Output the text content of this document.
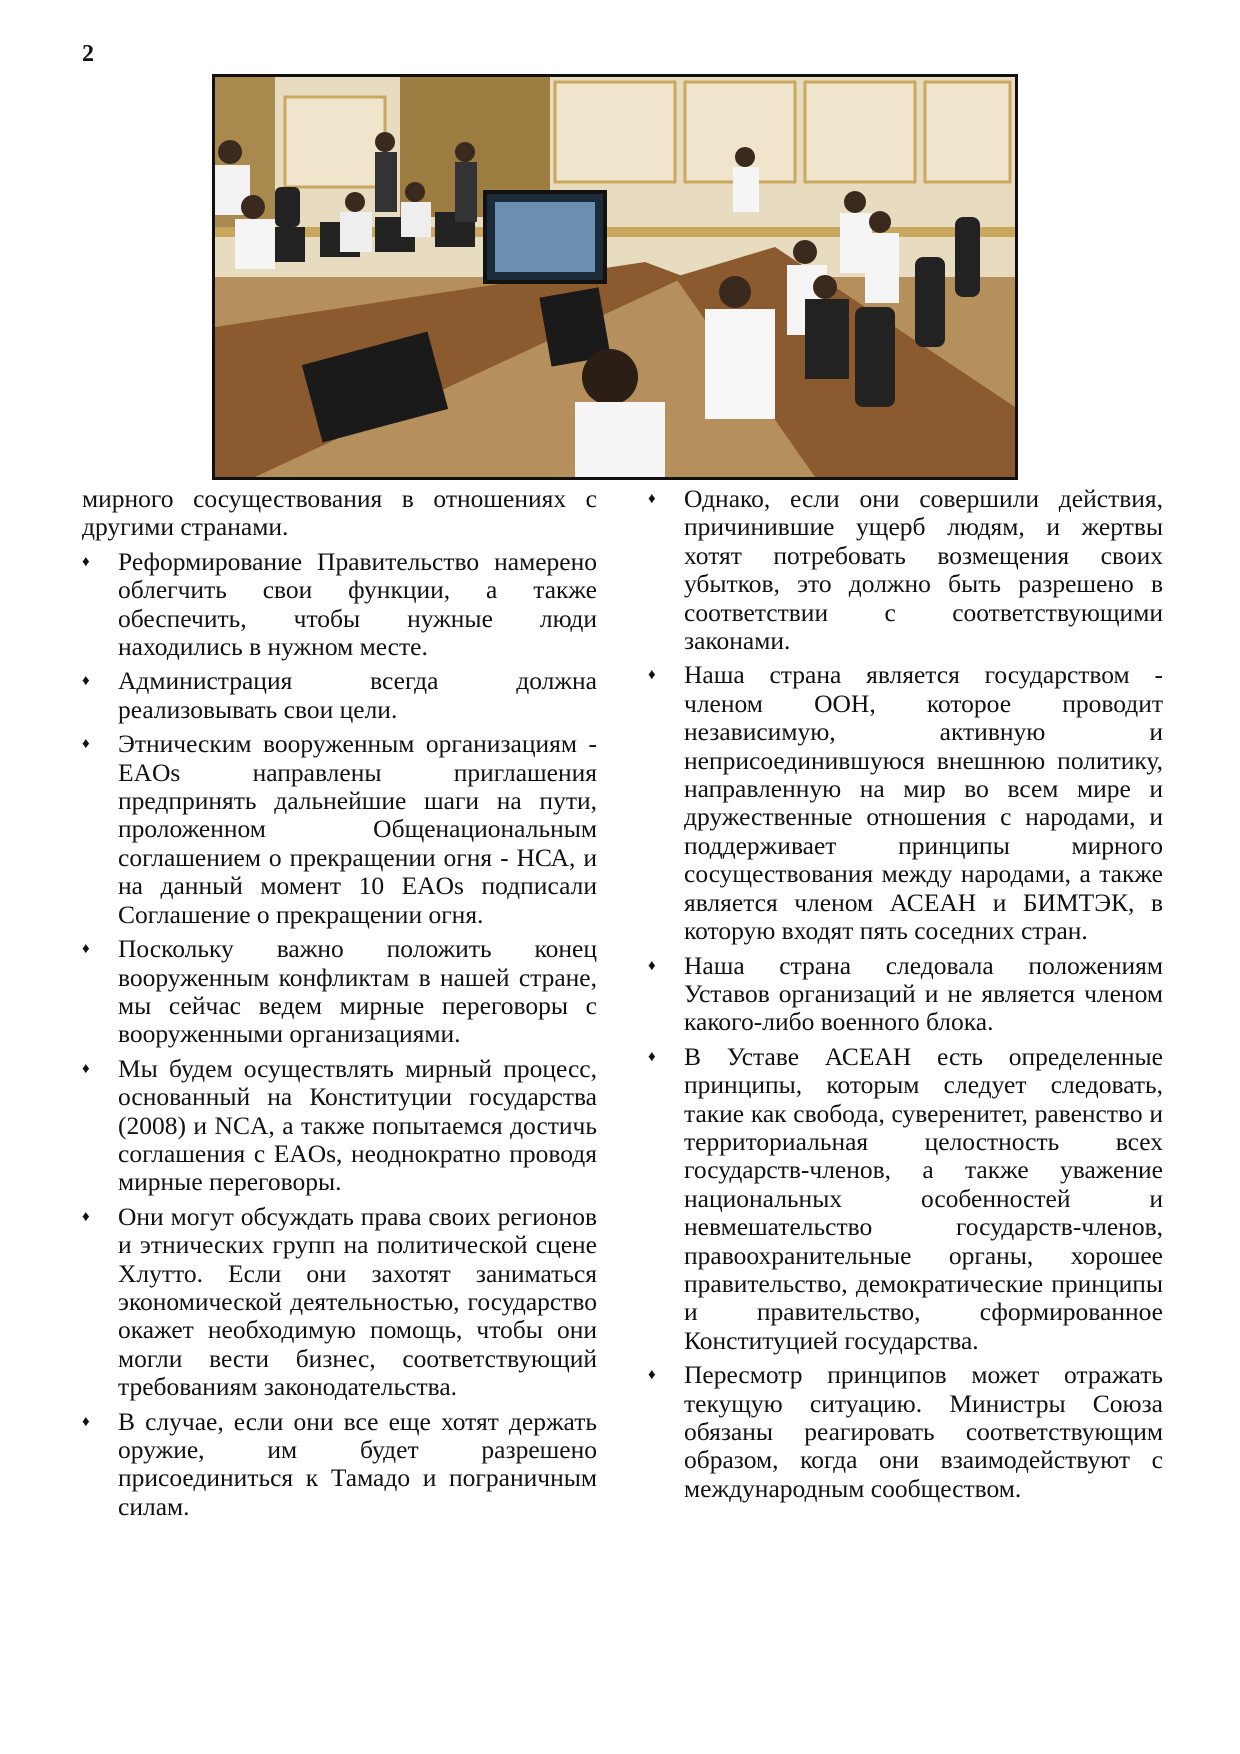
2

мирного сосуществования в отношениях с другими странами.

♦ Реформирование Правительство намерено облегчить свои функции, а также обеспечить, чтобы нужные люди находились в нужном месте.
♦ Администрация всегда должна реализовывать свои цели.
♦ Этническим вооруженным организациям - EAOs направлены приглашения предпринять дальнейшие шаги на пути, проложенном Общенациональным соглашением о прекращении огня - НСА, и на данный момент 10 EAOs подписали Соглашение о прекращении огня.
♦ Поскольку важно положить конец вооруженным конфликтам в нашей стране, мы сейчас ведем мирные переговоры с вооруженными организациями.
♦ Мы будем осуществлять мирный процесс, основанный на Конституции государства (2008) и NCA, а также попытаемся достичь соглашения с EAOs, неоднократно проводя мирные переговоры.
♦ Они могут обсуждать права своих регионов и этнических групп на политической сцене Хлутто. Если они захотят заниматься экономической деятельностью, государство окажет необходимую помощь, чтобы они могли вести бизнес, соответствующий требованиям законодательства.
♦ В случае, если они все еще хотят держать оружие, им будет разрешено присоединиться к Тамадо и пограничным силам.
♦ Однако, если они совершили действия, причинившие ущерб людям, и жертвы хотят потребовать возмещения своих убытков, это должно быть разрешено в соответствии с соответствующими законами.
♦ Наша страна является государством - членом ООН, которое проводит независимую, активную и неприсоединившуюся внешнюю политику, направленную на мир во всем мире и дружественные отношения с народами, и поддерживает принципы мирного сосуществования между народами, а также является членом АСЕАН и БИМТЭК, в которую входят пять соседних стран.
♦ Наша страна следовала положениям Уставов организаций и не является членом какого-либо военного блока.
♦ В Уставе АСЕАН есть определенные принципы, которым следует следовать, такие как свобода, суверенитет, равенство и территориальная целостность всех государств-членов, а также уважение национальных особенностей и невмешательство государств-членов, правоохранительные органы, хорошее правительство, демократические принципы и правительство, сформированное Конституцией государства.
♦ Пересмотр принципов может отражать текущую ситуацию. Министры Союза обязаны реагировать соответствующим образом, когда они взаимодействуют с международным сообществом.
